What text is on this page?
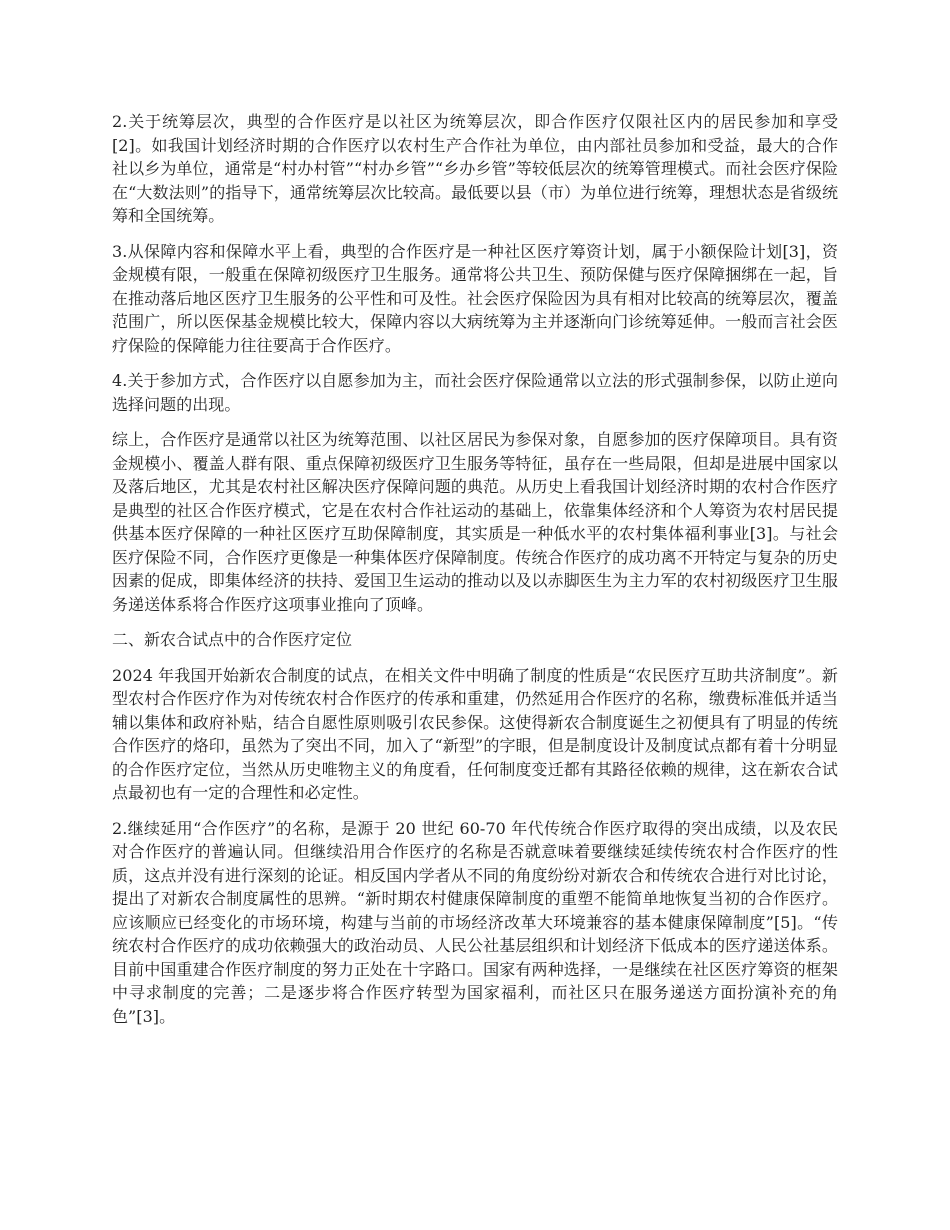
2.关于统筹层次，典型的合作医疗是以社区为统筹层次，即合作医疗仅限社区内的居民参加和享受[2]。如我国计划经济时期的合作医疗以农村生产合作社为单位，由内部社员参加和受益，最大的合作社以乡为单位，通常是“村办村管”“村办乡管”“乡办乡管”等较低层次的统筹管理模式。而社会医疗保险在“大数法则”的指导下，通常统筹层次比较高。最低要以县（市）为单位进行统筹，理想状态是省级统筹和全国统筹。

3.从保障内容和保障水平上看，典型的合作医疗是一种社区医疗筹资计划，属于小额保险计划[3]，资金规模有限，一般重在保障初级医疗卫生服务。通常将公共卫生、预防保健与医疗保障捆绑在一起，旨在推动落后地区医疗卫生服务的公平性和可及性。社会医疗保险因为具有相对比较高的统筹层次，覆盖范围广，所以医保基金规模比较大，保障内容以大病统筹为主并逐渐向门诊统筹延伸。一般而言社会医疗保险的保障能力往往要高于合作医疗。

4.关于参加方式，合作医疗以自愿参加为主，而社会医疗保险通常以立法的形式强制参保，以防止逆向选择问题的出现。

综上，合作医疗是通常以社区为统筹范围、以社区居民为参保对象，自愿参加的医疗保障项目。具有资金规模小、覆盖人群有限、重点保障初级医疗卫生服务等特征，虽存在一些局限，但却是进展中国家以及落后地区，尤其是农村社区解决医疗保障问题的典范。从历史上看我国计划经济时期的农村合作医疗是典型的社区合作医疗模式，它是在农村合作社运动的基础上，依靠集体经济和个人筹资为农村居民提供基本医疗保障的一种社区医疗互助保障制度，其实质是一种低水平的农村集体福利事业[3]。与社会医疗保险不同，合作医疗更像是一种集体医疗保障制度。传统合作医疗的成功离不开特定与复杂的历史因素的促成，即集体经济的扶持、爱国卫生运动的推动以及以赤脚医生为主力军的农村初级医疗卫生服务递送体系将合作医疗这项事业推向了顶峰。

二、新农合试点中的合作医疗定位

2024 年我国开始新农合制度的试点，在相关文件中明确了制度的性质是“农民医疗互助共济制度”。新型农村合作医疗作为对传统农村合作医疗的传承和重建，仍然延用合作医疗的名称，缴费标准低并适当辅以集体和政府补贴，结合自愿性原则吸引农民参保。这使得新农合制度诞生之初便具有了明显的传统合作医疗的烙印，虽然为了突出不同，加入了“新型”的字眼，但是制度设计及制度试点都有着十分明显的合作医疗定位，当然从历史唯物主义的角度看，任何制度变迁都有其路径依赖的规律，这在新农合试点最初也有一定的合理性和必定性。

2.继续延用“合作医疗”的名称，是源于 20 世纪 60-70 年代传统合作医疗取得的突出成绩，以及农民对合作医疗的普遍认同。但继续沿用合作医疗的名称是否就意味着要继续延续传统农村合作医疗的性质，这点并没有进行深刻的论证。相反国内学者从不同的角度纷纷对新农合和传统农合进行对比讨论，提出了对新农合制度属性的思辨。“新时期农村健康保障制度的重塑不能简单地恢复当初的合作医疗。应该顺应已经变化的市场环境，构建与当前的市场经济改革大环境兼容的基本健康保障制度”[5]。“传统农村合作医疗的成功依赖强大的政治动员、人民公社基层组织和计划经济下低成本的医疗递送体系。目前中国重建合作医疗制度的努力正处在十字路口。国家有两种选择，一是继续在社区医疗筹资的框架中寻求制度的完善；二是逐步将合作医疗转型为国家福利，而社区只在服务递送方面扮演补充的角色”[3]。
